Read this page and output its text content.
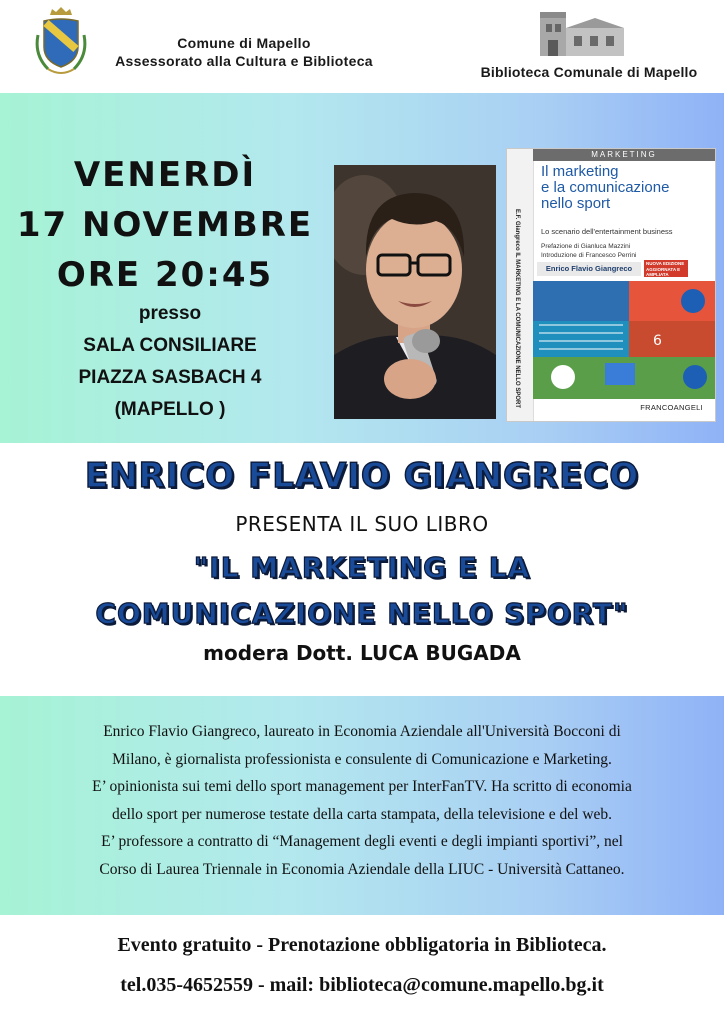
Comune di Mapello
Assessorato alla Cultura e Biblioteca
Biblioteca Comunale di Mapello
VENERDÌ
17 NOVEMBRE
ORE 20:45
presso
SALA CONSILIARE
PIAZZA SASBACH 4
(MAPELLO )
E.F. Giangreco IL MARKETING E LA COMUNICAZIONE NELLO SPORT
MARKETING
Il marketing
e la comunicazione
nello sport
Lo scenario dell'entertainment business
Prefazione di Gianluca Mazzini
Introduzione di Francesco Perrini
Enrico Flavio Giangreco
NUOVA EDIZIONE AGGIORNATA E AMPLIATA
6
FRANCOANGELI
ENRICO FLAVIO GIANGRECO
PRESENTA IL SUO LIBRO
"IL MARKETING E LA
COMUNICAZIONE NELLO SPORT"
modera Dott. LUCA BUGADA
Enrico Flavio Giangreco, laureato in Economia Aziendale all'Università Bocconi di
Milano, è giornalista professionista e consulente di Comunicazione e Marketing.
E’ opinionista sui temi dello sport management per InterFanTV. Ha scritto di economia
dello sport per numerose testate della carta stampata, della televisione e del web.
E’ professore a contratto di “Management degli eventi e degli impianti sportivi”, nel
Corso di Laurea Triennale in Economia Aziendale della LIUC - Università Cattaneo.
Evento gratuito - Prenotazione obbligatoria in Biblioteca.
tel.035-4652559 - mail: biblioteca@comune.mapello.bg.it
